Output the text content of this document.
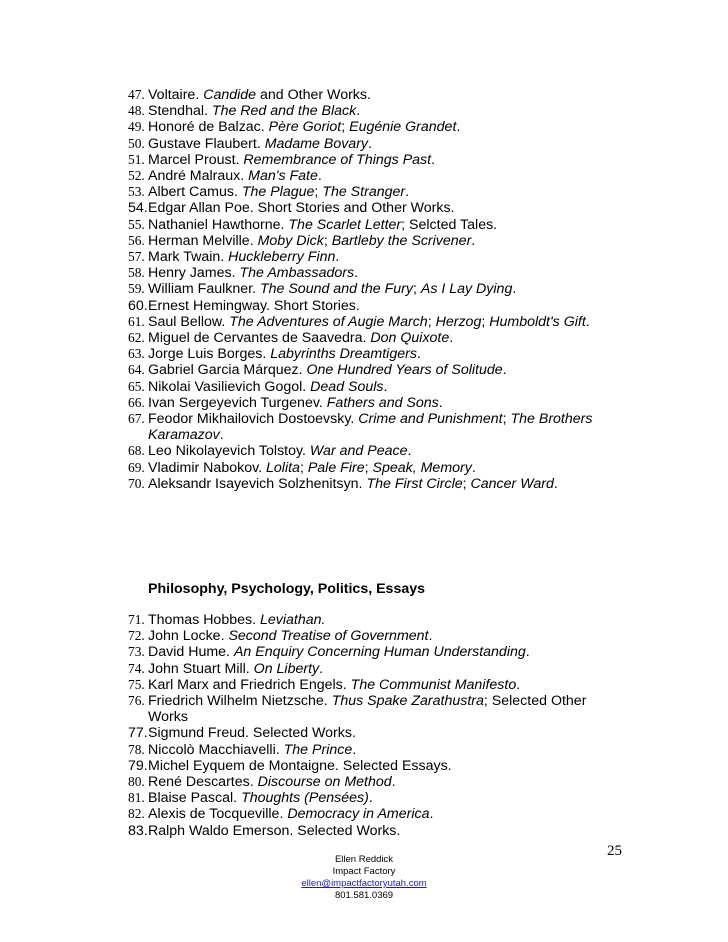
47. Voltaire. Candide and Other Works.
48. Stendhal. The Red and the Black.
49. Honoré de Balzac. Père Goriot; Eugénie Grandet.
50. Gustave Flaubert. Madame Bovary.
51. Marcel Proust. Remembrance of Things Past.
52. André Malraux. Man's Fate.
53. Albert Camus. The Plague; The Stranger.
54. Edgar Allan Poe. Short Stories and Other Works.
55. Nathaniel Hawthorne. The Scarlet Letter; Selcted Tales.
56. Herman Melville. Moby Dick; Bartleby the Scrivener.
57. Mark Twain. Huckleberry Finn.
58. Henry James. The Ambassadors.
59. William Faulkner. The Sound and the Fury; As I Lay Dying.
60. Ernest Hemingway. Short Stories.
61. Saul Bellow. The Adventures of Augie March; Herzog; Humboldt's Gift.
62. Miguel de Cervantes de Saavedra. Don Quixote.
63. Jorge Luis Borges. Labyrinths Dreamtigers.
64. Gabriel Garcia Márquez. One Hundred Years of Solitude.
65. Nikolai Vasilievich Gogol. Dead Souls.
66. Ivan Sergeyevich Turgenev. Fathers and Sons.
67. Feodor Mikhailovich Dostoevsky. Crime and Punishment; The Brothers Karamazov.
68. Leo Nikolayevich Tolstoy. War and Peace.
69. Vladimir Nabokov. Lolita; Pale Fire; Speak, Memory.
70. Aleksandr Isayevich Solzhenitsyn. The First Circle; Cancer Ward.
Philosophy, Psychology, Politics, Essays
71. Thomas Hobbes. Leviathan.
72. John Locke. Second Treatise of Government.
73. David Hume. An Enquiry Concerning Human Understanding.
74. John Stuart Mill. On Liberty.
75. Karl Marx and Friedrich Engels. The Communist Manifesto.
76. Friedrich Wilhelm Nietzsche. Thus Spake Zarathustra; Selected Other Works
77. Sigmund Freud. Selected Works.
78. Niccolò Macchiavelli. The Prince.
79. Michel Eyquem de Montaigne. Selected Essays.
80. René Descartes. Discourse on Method.
81. Blaise Pascal. Thoughts (Pensées).
82. Alexis de Tocqueville. Democracy in America.
83. Ralph Waldo Emerson. Selected Works.
25
Ellen Reddick
Impact Factory
ellen@impactfactoryutah.com
801.581.0369
